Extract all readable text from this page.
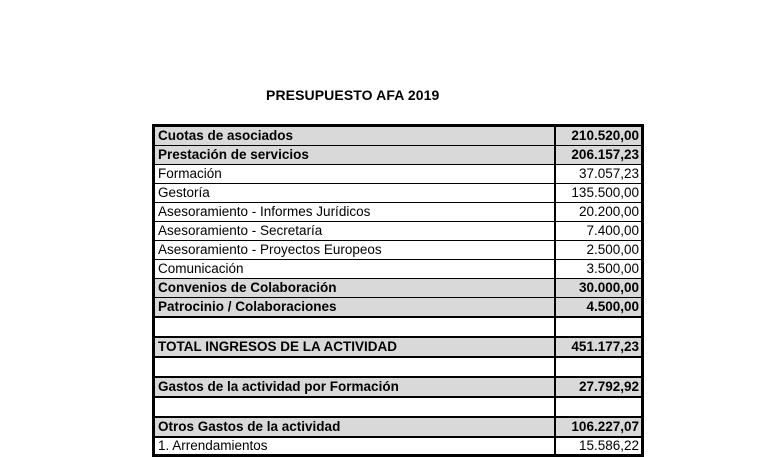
PRESUPUESTO AFA 2019
Cuotas de asociados	210.520,00
Prestación de servicios	206.157,23
Formación	37.057,23
Gestoría	135.500,00
Asesoramiento - Informes Jurídicos	20.200,00
Asesoramiento - Secretaría	7.400,00
Asesoramiento - Proyectos Europeos	2.500,00
Comunicación	3.500,00
Convenios de Colaboración	30.000,00
Patrocinio / Colaboraciones	4.500,00

TOTAL INGRESOS DE LA ACTIVIDAD	451.177,23

Gastos de la actividad por Formación	27.792,92

Otros Gastos de la actividad	106.227,07
1. Arrendamientos	15.586,22
